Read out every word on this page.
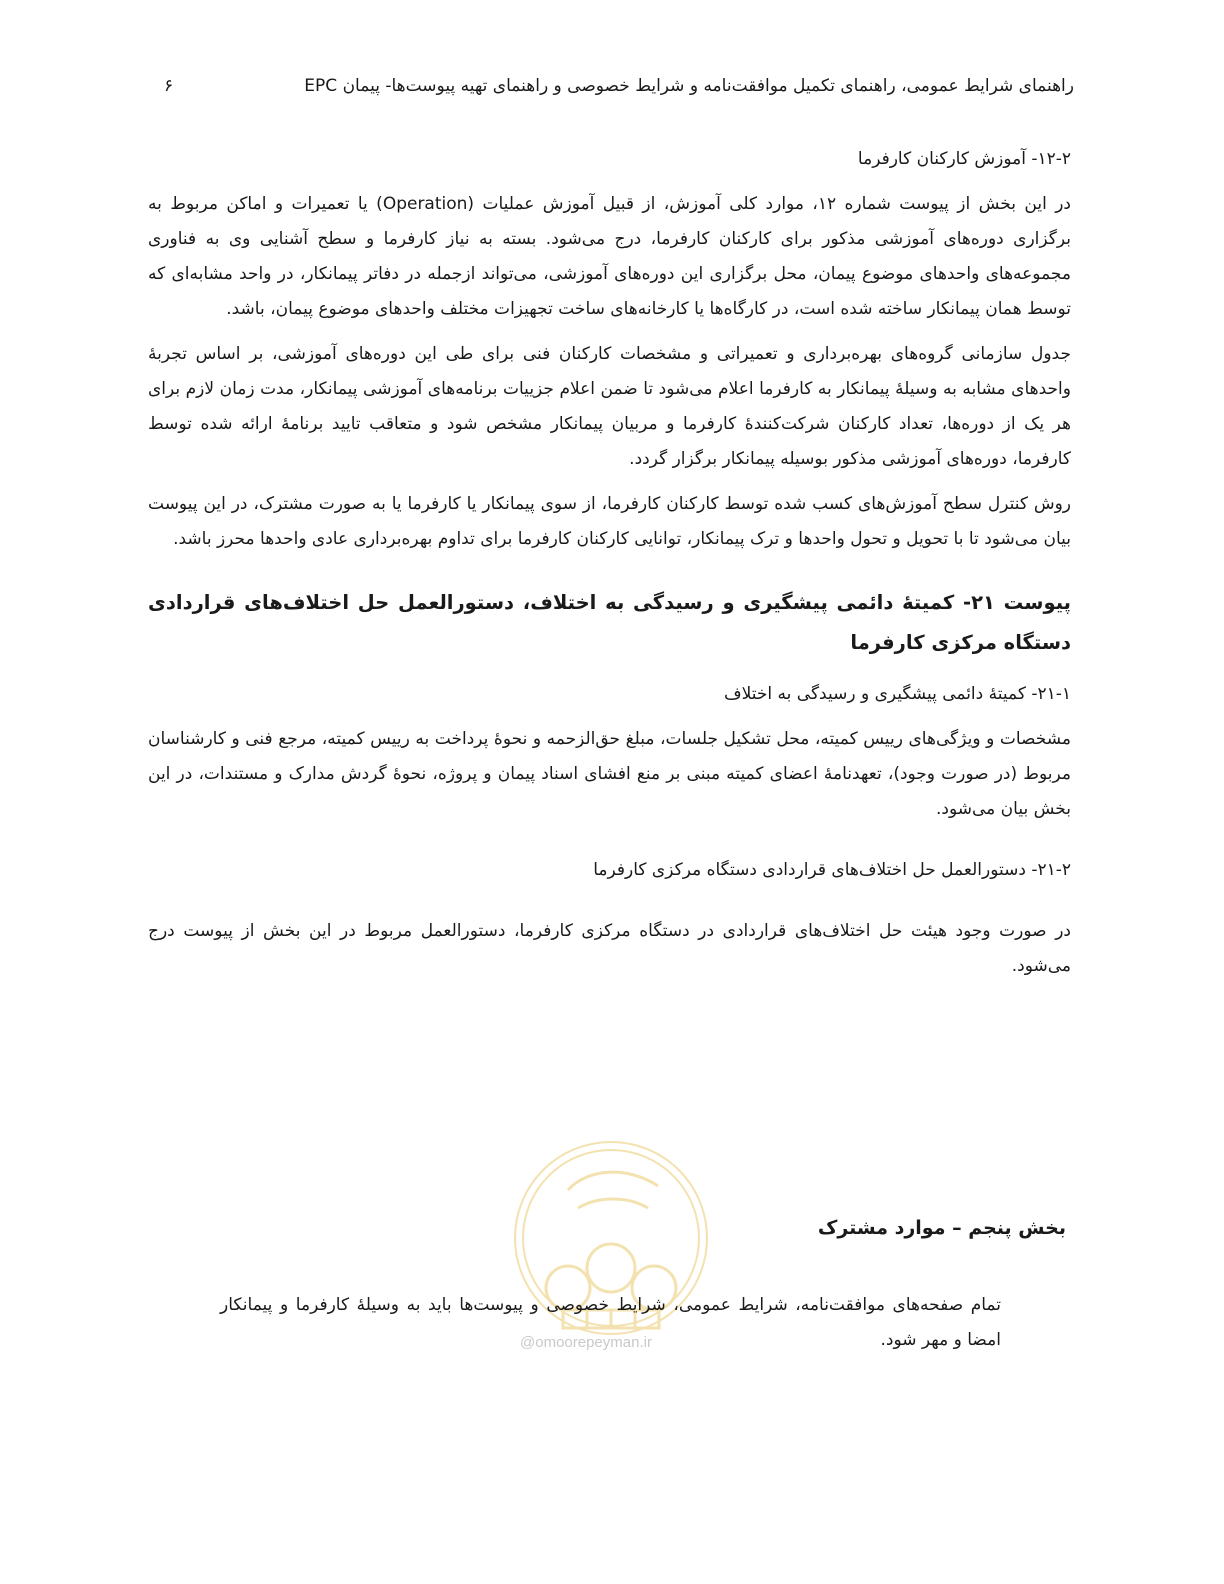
راهنمای شرایط عمومی، راهنمای تکمیل موافقت‌نامه و شرایط خصوصی و راهنمای تهیه پیوست‌ها- پیمان EPC
۶
۱۲-۲- آموزش کارکنان کارفرما

در این بخش از پیوست شماره ۱۲، موارد کلی آموزش، از قبیل آموزش عملیات (Operation) یا تعمیرات و اماکن مربوط به برگزاری دوره‌های آموزشی مذکور برای کارکنان کارفرما، درج می‌شود. بسته به نیاز کارفرما و سطح آشنایی وی به فناوری مجموعه‌های واحدهای موضوع پیمان، محل برگزاری این دوره‌های آموزشی، می‌تواند ازجمله در دفاتر پیمانکار، در واحد مشابه‌ای که توسط همان پیمانکار ساخته شده است، در کارگاه‌ها یا کارخانه‌های ساخت تجهیزات مختلف واحدهای موضوع پیمان، باشد.

جدول سازمانی گروه‌های بهره‌برداری و تعمیراتی و مشخصات کارکنان فنی برای طی این دوره‌های آموزشی، بر اساس تجربهٔ واحدهای مشابه به وسیلهٔ پیمانکار به کارفرما اعلام می‌شود تا ضمن اعلام جزییات برنامه‌های آموزشی پیمانکار، مدت زمان لازم برای هر یک از دوره‌ها، تعداد کارکنان شرکت‌کنندهٔ کارفرما و مربیان پیمانکار مشخص شود و متعاقب تایید برنامهٔ ارائه شده توسط کارفرما، دوره‌های آموزشی مذکور بوسیله پیمانکار برگزار گردد.

روش کنترل سطح آموزش‌های کسب شده توسط کارکنان کارفرما، از سوی پیمانکار یا کارفرما یا به صورت مشترک، در این پیوست بیان می‌شود تا با تحویل و تحول واحدها و ترک پیمانکار، توانایی کارکنان کارفرما برای تداوم بهره‌برداری عادی واحدها محرز باشد.

پیوست ۲۱- کمیتهٔ دائمی پیشگیری و رسیدگی به اختلاف، دستورالعمل حل اختلاف‌های قراردادی دستگاه مرکزی کارفرما
۲۱-۱- کمیتهٔ دائمی پیشگیری و رسیدگی به اختلاف

مشخصات و ویژگی‌های رییس کمیته، محل تشکیل جلسات، مبلغ حق‌الزحمه و نحوهٔ پرداخت به رییس کمیته، مرجع فنی و کارشناسان مربوط (در صورت وجود)، تعهدنامهٔ اعضای کمیته مبنی بر منع افشای اسناد پیمان و پروژه، نحوهٔ گردش مدارک و مستندات، در این بخش بیان می‌شود.

۲۱-۲- دستورالعمل حل اختلاف‌های قراردادی دستگاه مرکزی کارفرما

در صورت وجود هیئت حل اختلاف‌های قراردادی در دستگاه مرکزی کارفرما، دستورالعمل مربوط در این بخش از پیوست درج می‌شود.

بخش پنجم – موارد مشترک

تمام صفحه‌های موافقت‌نامه، شرایط عمومی، شرایط خصوصی و پیوست‌ها باید به وسیلهٔ کارفرما و پیمانکار امضا و مهر شود.

@omoorepeyman.ir
